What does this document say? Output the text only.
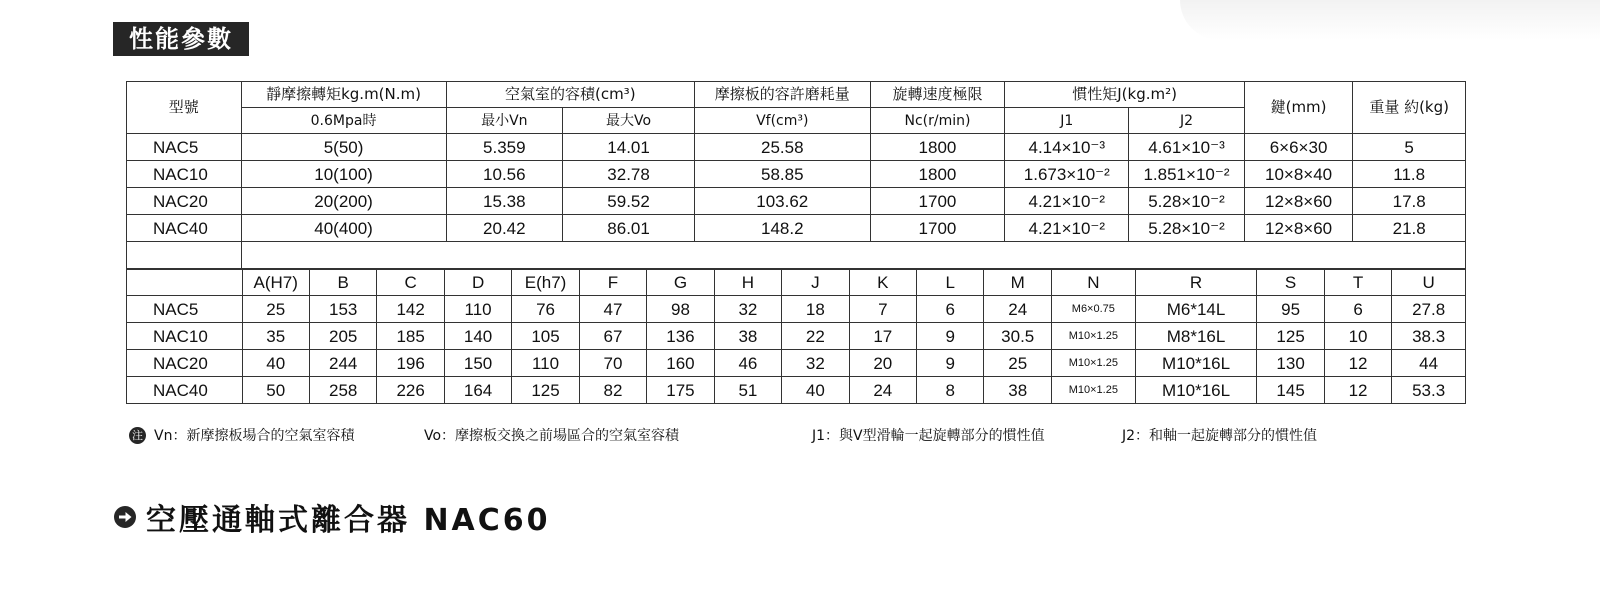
性能參數
型號	靜摩擦轉矩kg.m(N.m)	空氣室的容積(cm³)		摩擦板的容許磨耗量	旋轉速度極限	慣性矩J(kg.m²)		鍵(mm)	重量 約(kg)
	0.6Mpa時	最小Vn	最大Vo	Vf(cm³)	Nc(r/min)	J1	J2		
NAC5	5(50)	5.359	14.01	25.58	1800	4.14×10⁻³	4.61×10⁻³	6×6×30	5
NAC10	10(100)	10.56	32.78	58.85	1800	1.673×10⁻²	1.851×10⁻²	10×8×40	11.8
NAC20	20(200)	15.38	59.52	103.62	1700	4.21×10⁻²	5.28×10⁻²	12×8×60	17.8
NAC40	40(400)	20.42	86.01	148.2	1700	4.21×10⁻²	5.28×10⁻²	12×8×60	21.8

	A(H7)	B	C	D	E(h7)	F	G	H	J	K	L	M	N	R	S	T	U
NAC5	25	153	142	110	76	47	98	32	18	7	6	24	M6×0.75	M6*14L	95	6	27.8
NAC10	35	205	185	140	105	67	136	38	22	17	9	30.5	M10×1.25	M8*16L	125	10	38.3
NAC20	40	244	196	150	110	70	160	46	32	20	9	25	M10×1.25	M10*16L	130	12	44
NAC40	50	258	226	164	125	82	175	51	40	24	8	38	M10×1.25	M10*16L	145	12	53.3
注 Vn：新摩擦板場合的空氣室容積	Vo：摩擦板交換之前場區合的空氣室容積	J1：與V型滑輪一起旋轉部分的慣性值	J2：和軸一起旋轉部分的慣性值
空壓通軸式離合器 NAC60
